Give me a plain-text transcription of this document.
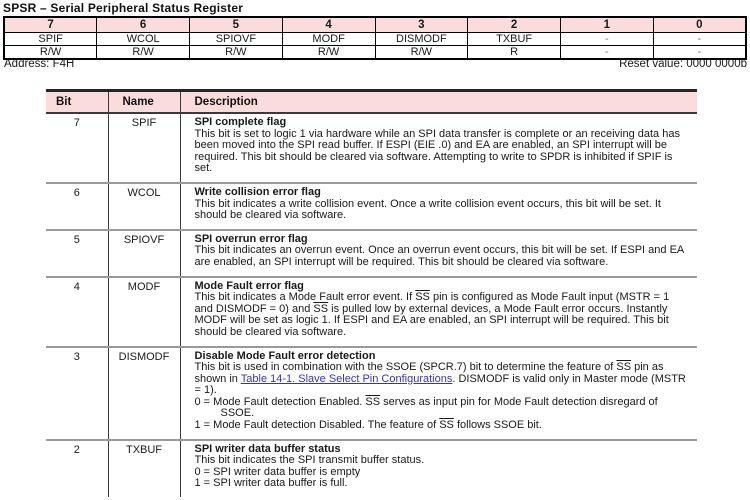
SPSR – Serial Peripheral Status Register
7	6	5	4	3	2	1	0
SPIF	WCOL	SPIOVF	MODF	DISMODF	TXBUF	-	-
R/W	R/W	R/W	R/W	R/W	R	-	-
Address: F4H	Reset value: 0000 0000b
Bit	Name	Description
7	SPIF	SPI complete flag
This bit is set to logic 1 via hardware while an SPI data transfer is complete or an receiving data has been moved into the SPI read buffer. If ESPI (EIE .0) and EA are enabled, an SPI interrupt will be required. This bit should be cleared via software. Attempting to write to SPDR is inhibited if SPIF is set.

6	WCOL	Write collision error flag
This bit indicates a write collision event. Once a write collision event occurs, this bit will be set. It should be cleared via software.

5	SPIOVF	SPI overrun error flag
This bit indicates an overrun event. Once an overrun event occurs, this bit will be set. If ESPI and EA are enabled, an SPI interrupt will be required. This bit should be cleared via software.

4	MODF	Mode Fault error flag
This bit indicates a Mode Fault error event. If $\overline{SS}$ pin is configured as Mode Fault input (MSTR = 1 and DISMODF = 0) and $\overline{SS}$ is pulled low by external devices, a Mode Fault error occurs. Instantly MODF will be set as logic 1. If ESPI and EA are enabled, an SPI interrupt will be required. This bit should be cleared via software.

3	DISMODF	Disable Mode Fault error detection
This bit is used in combination with the SSOE (SPCR.7) bit to determine the feature of $\overline{SS}$ pin as shown in Table 14-1. Slave Select Pin Configurations. DISMODF is valid only in Master mode (MSTR = 1).
0 = Mode Fault detection Enabled. $\overline{SS}$ serves as input pin for Mode Fault detection disregard of SSOE.
1 = Mode Fault detection Disabled. The feature of $\overline{SS}$ follows SSOE bit.

2	TXBUF	SPI writer data buffer status
This bit indicates the SPI transmit buffer status.
0 = SPI writer data buffer is empty
1 = SPI writer data buffer is full.
